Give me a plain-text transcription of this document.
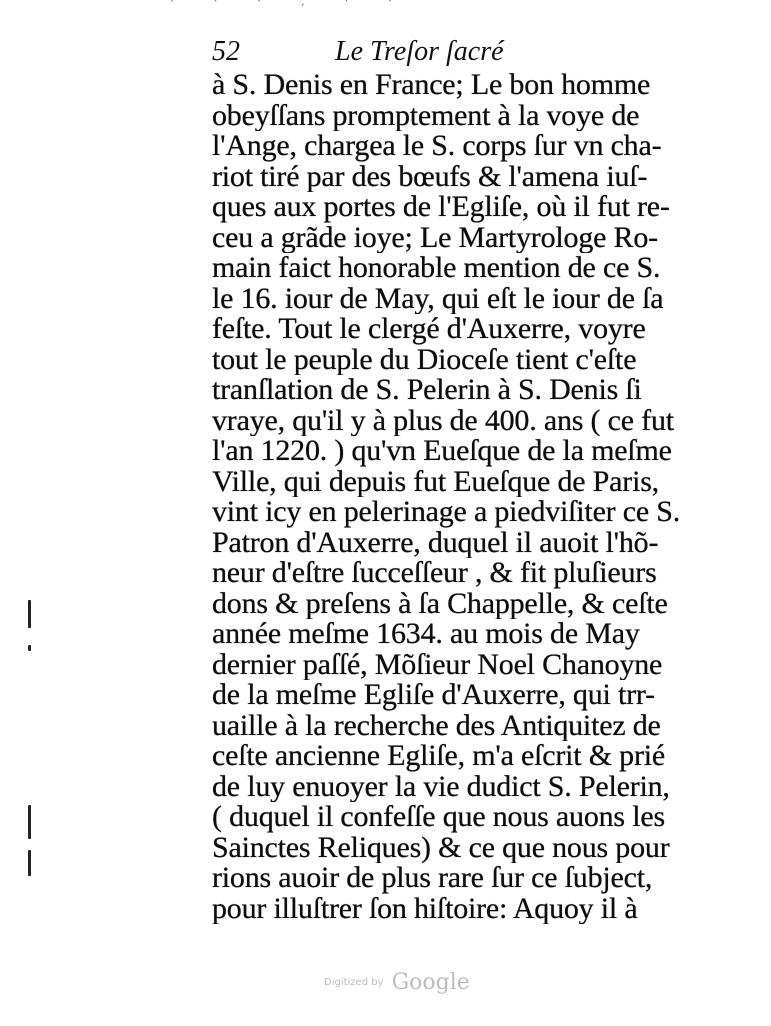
· · · ‚ · ·
52	Le Treſor ſacré
à S. Denis en France; Le bon homme
obeyſſans promptement à la voye de
l'Ange, chargea le S. corps ſur vn cha-
riot tiré par des bœufs & l'amena iuſ-
ques aux portes de l'Egliſe, où il fut re-
ceu a grãde ioye; Le Martyrologe Ro-
main faict honorable mention de ce S.
le 16. iour de May, qui eſt le iour de ſa
feſte. Tout le clergé d'Auxerre, voyre
tout le peuple du Dioceſe tient c'eſte
tranſlation de S. Pelerin à S. Denis ſi
vraye, qu'il y à plus de 400. ans ( ce fut
l'an 1220. ) qu'vn Eueſque de la meſme
Ville, qui depuis fut Eueſque de Paris,
vint icy en pelerinage a piedviſiter ce S.
Patron d'Auxerre, duquel il auoit l'hõ-
neur d'eſtre ſucceſſeur , & fit pluſieurs
dons & preſens à ſa Chappelle, & ceſte
année meſme 1634. au mois de May
dernier paſſé, Mõſieur Noel Chanoyne
de la meſme Egliſe d'Auxerre, qui trr-
uaille à la recherche des Antiquitez de
ceſte ancienne Egliſe, m'a eſcrit & prié
de luy enuoyer la vie dudict S. Pelerin,
( duquel il confeſſe que nous auons les
Sainctes Reliques) & ce que nous pour
rions auoir de plus rare ſur ce ſubject,
pour illuſtrer ſon hiſtoire: Aquoy il à
Digitized by Google
